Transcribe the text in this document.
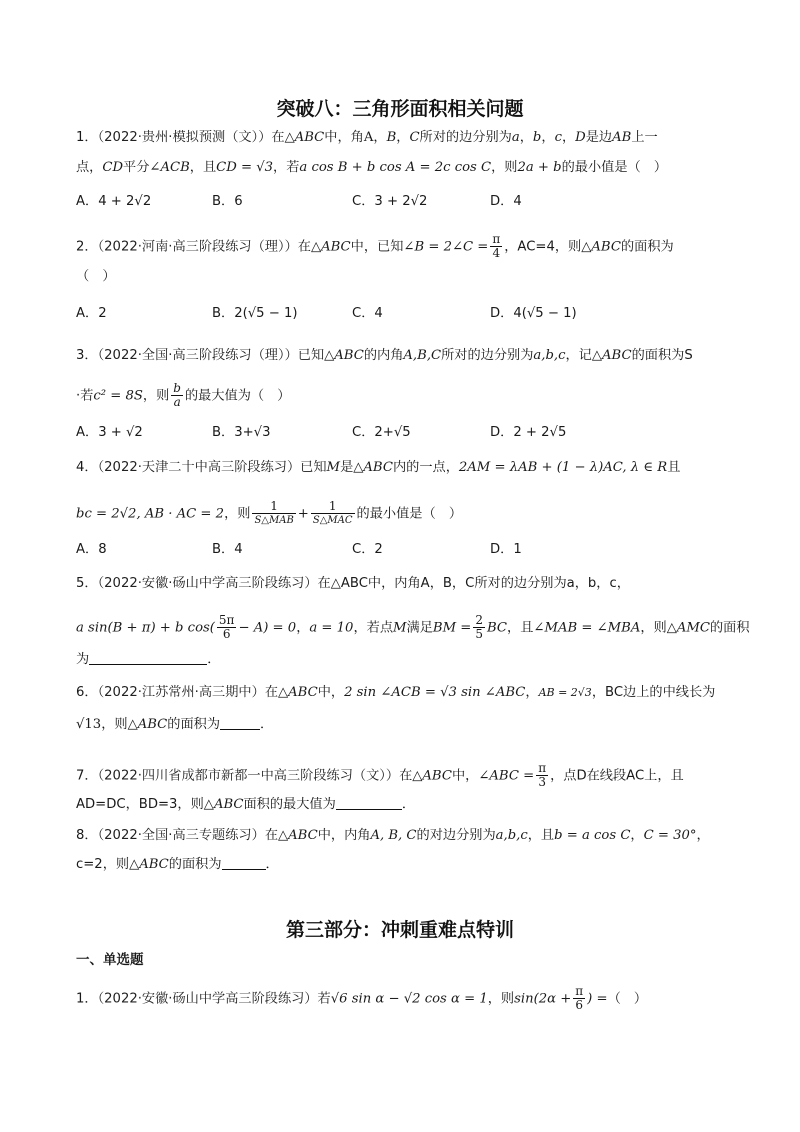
突破八：三角形面积相关问题
1．（2022·贵州·模拟预测（文））在△ABC中，角A，B，C所对的边分别为a，b，c，D是边AB上一
点，CD平分∠ACB，且CD = √3，若a cos B + b cos A = 2c cos C，则2a + b的最小值是（　）
A．4 + 2√2	B．6	C．3 + 2√2	D．4
2．（2022·河南·高三阶段练习（理））在△ABC中，已知∠B = 2∠C = $\frac{\pi}{4}$ ，AC=4，则△ABC的面积为
（　）
A．2	B．2(√5 − 1)	C．4	D．4(√5 − 1)
3．（2022·全国·高三阶段练习（理））已知△ABC的内角A,B,C所对的边分别为a,b,c，记△ABC的面积为S
·若c² = 8S，则 $\frac{b}{a}$ 的最大值为（　）
A．3 + √2	B．3+√3	C．2+√5	D．2 + 2√5
4．（2022·天津二十中高三阶段练习）已知M是△ABC内的一点，2AM = λAB + (1 − λ)AC, λ ∈ R且
bc = 2√2, AB · AC = 2，则 $\frac{1}{\text{S△MAB}} + \frac{1}{\text{S△MAC}}$ 的最小值是（　）
A．8	B．4	C．2	D．1
5．（2022·安徽·砀山中学高三阶段练习）在△ABC中，内角A，B，C所对的边分别为a，b，c，
a sin(B + π) + b $\cos( \frac{5\pi}{6} - A) = 0$，a = 10，若点M满足BM = $\frac{2}{5}$ BC，且∠MAB = ∠MBA，则△AMC的面积
为	．
6．（2022·江苏常州·高三期中）在△ABC中，2 sin ∠ACB = √3 sin ∠ABC，AB = 2√3，BC边上的中线长为
√13，则△ABC的面积为	．
7．（2022·四川省成都市新都一中高三阶段练习（文））在△ABC中，∠ABC = $\frac{\pi}{3}$ ，点D在线段AC上，且
AD=DC，BD=3，则△ABC面积的最大值为	．
8．（2022·全国·高三专题练习）在△ABC中，内角A, B, C的对边分别为a,b,c，且b = a cos C，C = 30°，
c=2，则△ABC的面积为	．
第三部分：冲刺重难点特训
一、单选题
1．（2022·安徽·砀山中学高三阶段练习）若√6 sin α − √2 cos α = 1，则$\sin(2\alpha + \frac{\pi}{6}$ ) =（　）
